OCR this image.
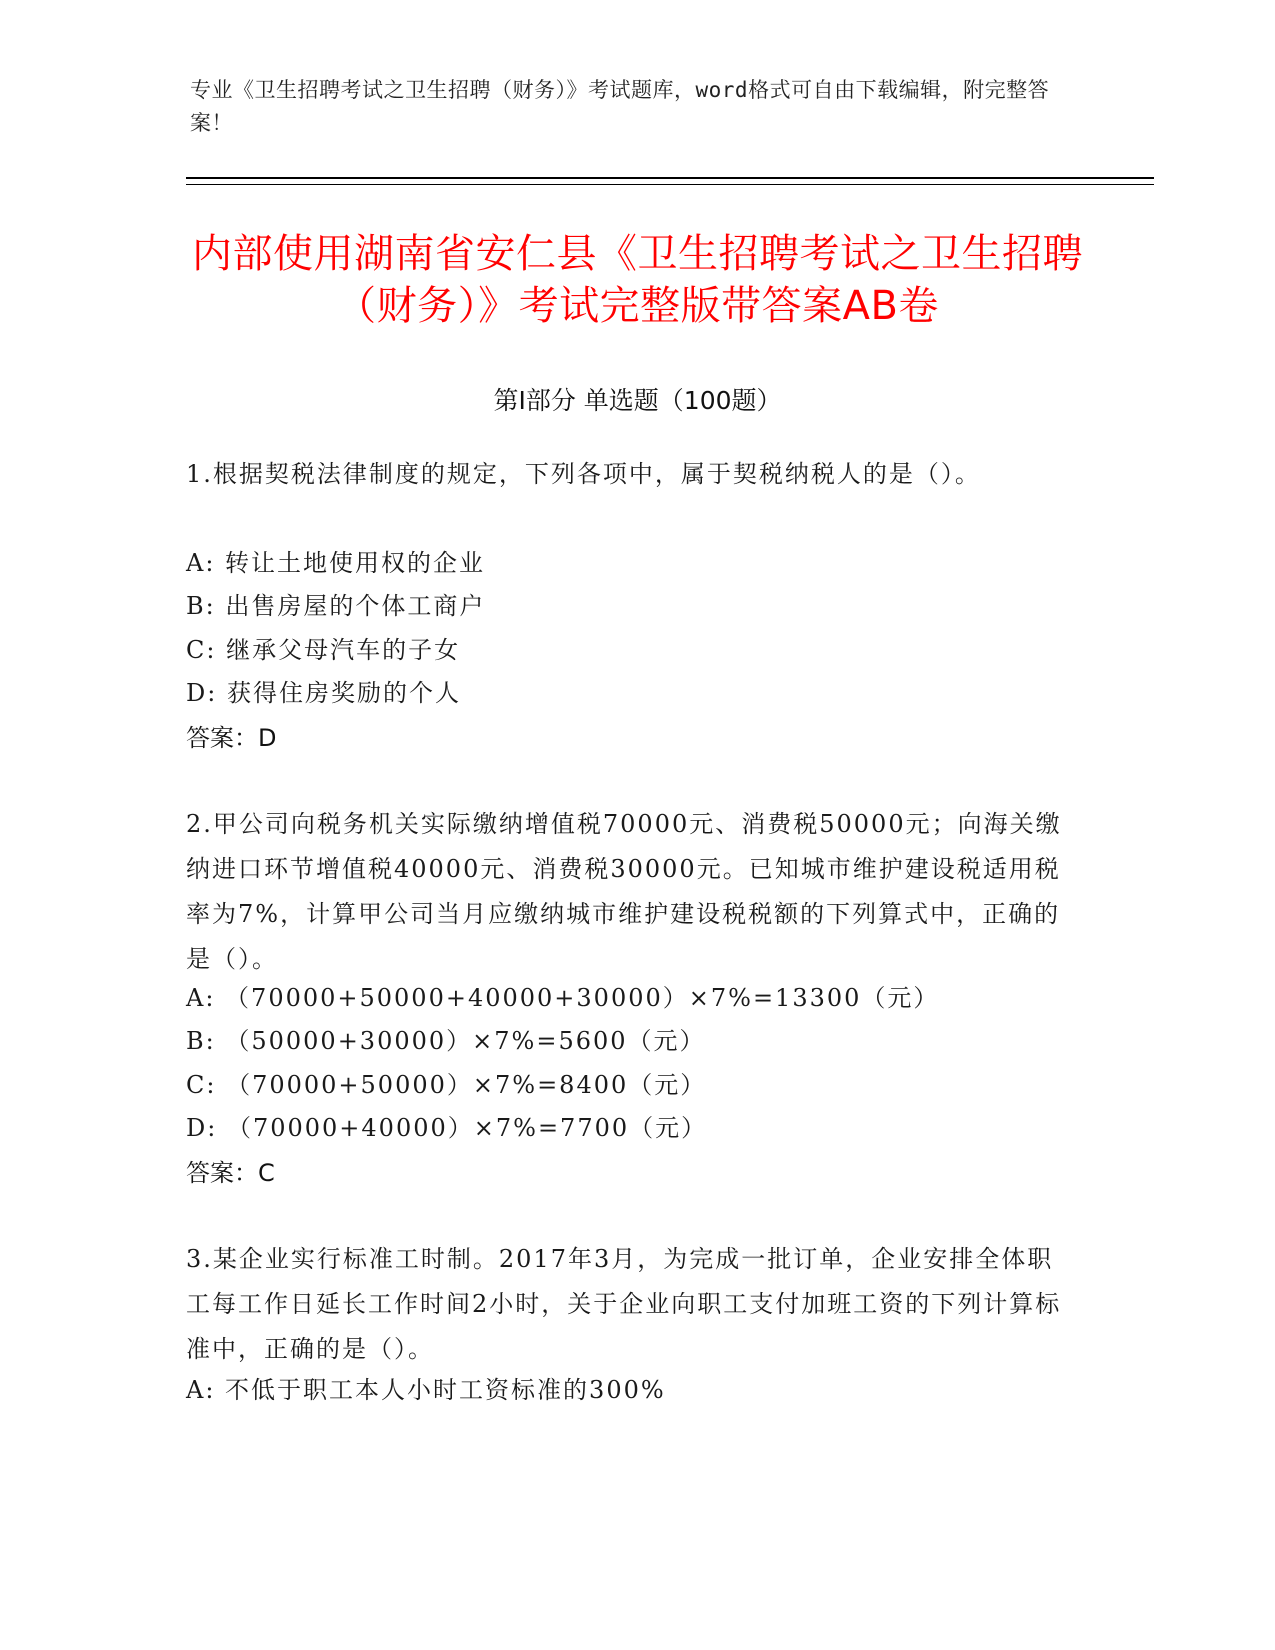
专业《卫生招聘考试之卫生招聘（财务）》考试题库，word格式可自由下载编辑，附完整答案！
内部使用湖南省安仁县《卫生招聘考试之卫生招聘（财务）》考试完整版带答案AB卷
第Ⅰ部分 单选题（100题）
1.根据契税法律制度的规定，下列各项中，属于契税纳税人的是（）。
A: 转让土地使用权的企业
B: 出售房屋的个体工商户
C: 继承父母汽车的子女
D: 获得住房奖励的个人
答案：D
2.甲公司向税务机关实际缴纳增值税70000元、消费税50000元；向海关缴纳进口环节增值税40000元、消费税30000元。已知城市维护建设税适用税率为7%，计算甲公司当月应缴纳城市维护建设税税额的下列算式中，正确的是（）。
A: （70000+50000+40000+30000）×7%=13300（元）
B: （50000+30000）×7%=5600（元）
C: （70000+50000）×7%=8400（元）
D: （70000+40000）×7%=7700（元）
答案：C
3.某企业实行标准工时制。2017年3月，为完成一批订单，企业安排全体职工每工作日延长工作时间2小时，关于企业向职工支付加班工资的下列计算标准中，正确的是（）。
A: 不低于职工本人小时工资标准的300%
